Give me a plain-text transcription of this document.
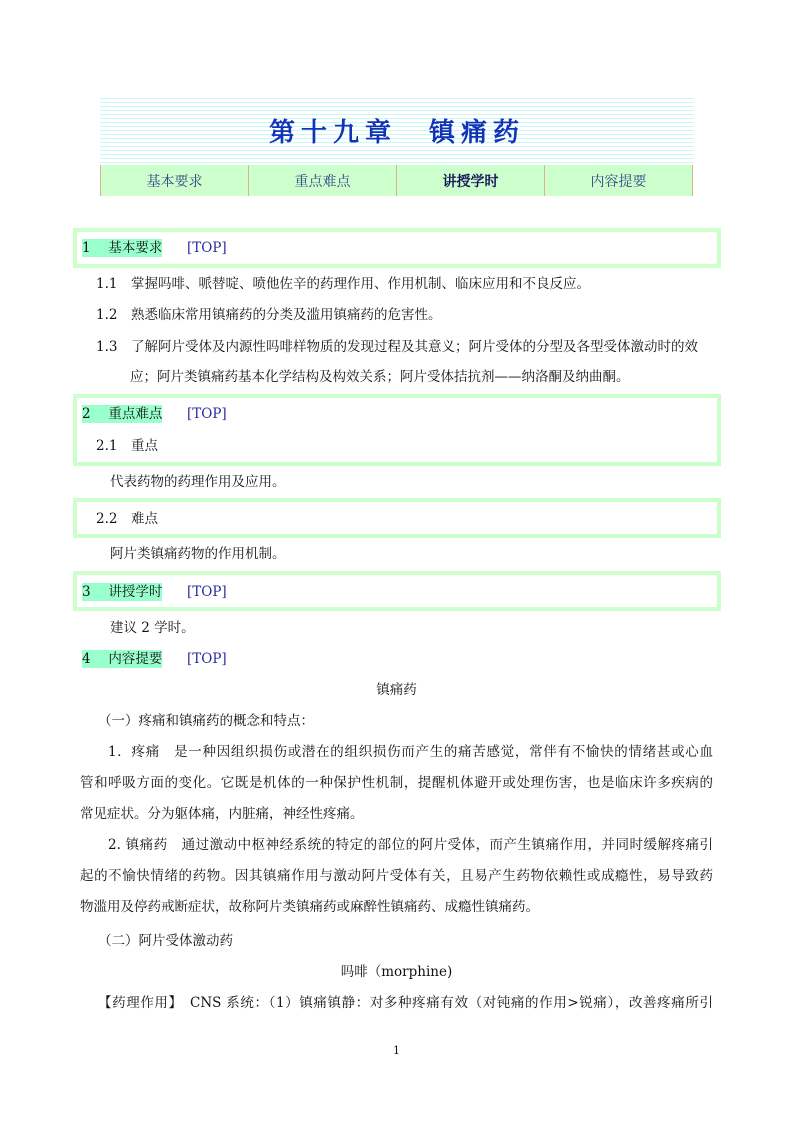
第十九章　镇痛药
基本要求	重点难点	讲授学时	内容提要
1　 基本要求 [TOP]
1.1　 掌握吗啡、哌替啶、喷他佐辛的药理作用、作用机制、临床应用和不良反应。
1.2　 熟悉临床常用镇痛药的分类及滥用镇痛药的危害性。
1.3　 了解阿片受体及内源性吗啡样物质的发现过程及其意义；阿片受体的分型及各型受体激动时的效
应；阿片类镇痛药基本化学结构及构效关系；阿片受体拮抗剂——纳洛酮及纳曲酮。
2　 重点难点 [TOP]
2.1　 重点
代表药物的药理作用及应用。
2.2　 难点
阿片类镇痛药物的作用机制。
3　 讲授学时 [TOP]
建议 2 学时。
4　 内容提要 [TOP]
镇痛药
（一）疼痛和镇痛药的概念和特点：
1．疼痛　是一种因组织损伤或潜在的组织损伤而产生的痛苦感觉，常伴有不愉快的情绪甚或心血
管和呼吸方面的变化。它既是机体的一种保护性机制，提醒机体避开或处理伤害，也是临床许多疾病的
常见症状。分为躯体痛，内脏痛，神经性疼痛。
2. 镇痛药　通过激动中枢神经系统的特定的部位的阿片受体，而产生镇痛作用，并同时缓解疼痛引
起的不愉快情绪的药物。因其镇痛作用与激动阿片受体有关，且易产生药物依赖性或成瘾性，易导致药
物滥用及停药戒断症状，故称阿片类镇痛药或麻醉性镇痛药、成瘾性镇痛药。
（二）阿片受体激动药
吗啡（morphine)
【药理作用】　CNS 系统：（1）镇痛镇静：对多种疼痛有效（对钝痛的作用>锐痛），改善疼痛所引
1
